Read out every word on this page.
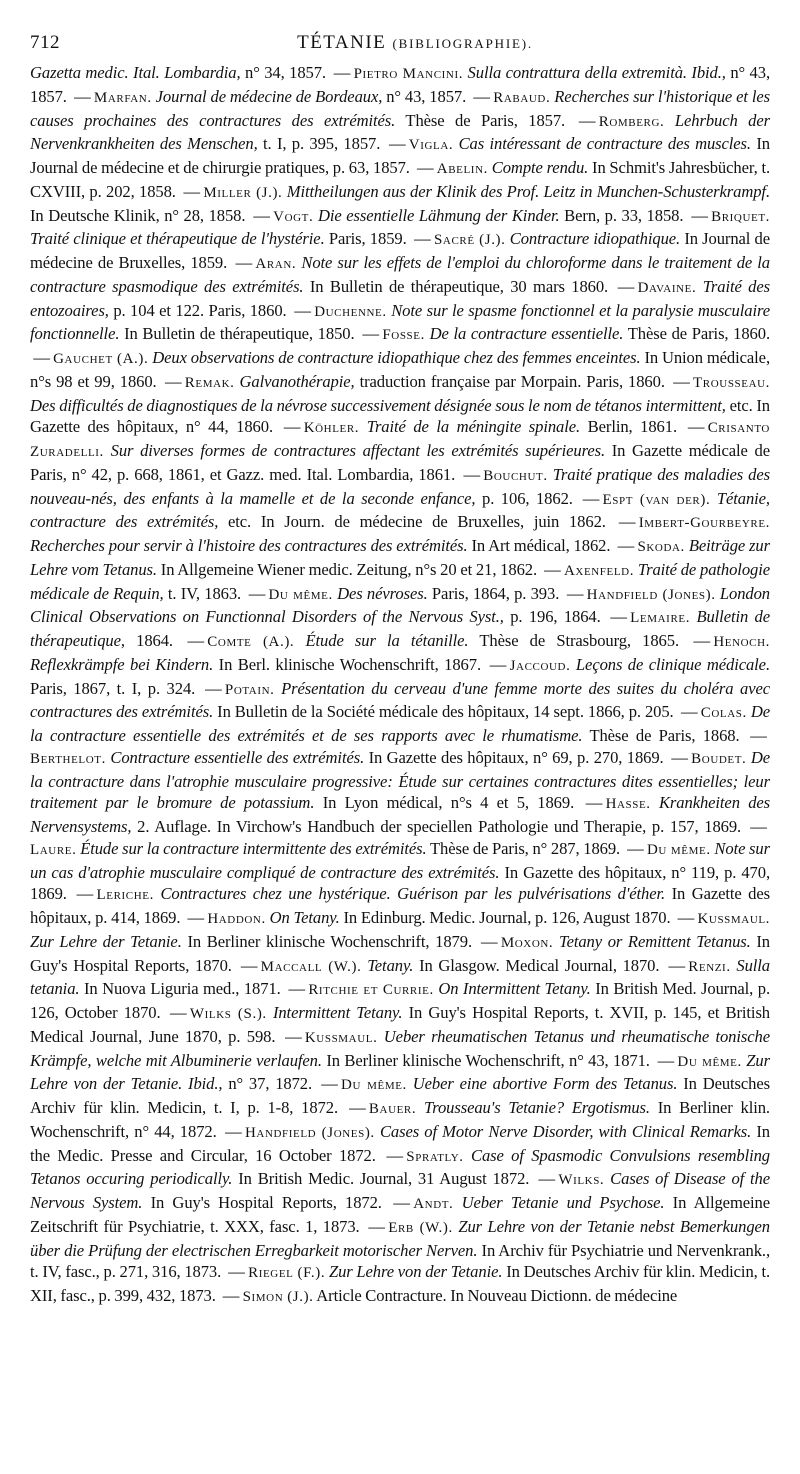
712	TÉTANIE (BIBLIOGRAPHIE).
Gazetta medic. Ital. Lombardia, n° 34, 1857. — Pietro Mancini. Sulla contrattura della extremità. Ibid., n° 43, 1857. — Marfan. Journal de médecine de Bordeaux, n° 43, 1857. — Rabaud. Recherches sur l'historique et les causes prochaines des contractures des extrémités. Thèse de Paris, 1857. — Romberg. Lehrbuch der Nervenkrankheiten des Menschen, t. I, p. 395, 1857. — Vigla. Cas intéressant de contracture des muscles. In Journal de médecine et de chirurgie pratiques, p. 63, 1857. — Abelin. Compte rendu. In Schmit's Jahresbücher, t. CXVIII, p. 202, 1858. — Miller (J.). Mittheilungen aus der Klinik des Prof. Leitz in Munchen-Schusterkrampf. In Deutsche Klinik, n° 28, 1858. — Vogt. Die essentielle Lähmung der Kinder. Bern, p. 33, 1858. — Briquet. Traité clinique et thérapeutique de l'hystérie. Paris, 1859. — Sacré (J.). Contracture idiopathique. In Journal de médecine de Bruxelles, 1859. — Aran. Note sur les effets de l'emploi du chloroforme dans le traitement de la contracture spasmodique des extrémités. In Bulletin de thérapeutique, 30 mars 1860. — Davaine. Traité des entozoaires, p. 104 et 122. Paris, 1860. — Duchenne. Note sur le spasme fonctionnel et la paralysie musculaire fonctionnelle. In Bulletin de thérapeutique, 1850. — Fosse. De la contracture essentielle. Thèse de Paris, 1860. — Gauchet (A.). Deux observations de contracture idiopathique chez des femmes enceintes. In Union médicale, n°s 98 et 99, 1860. — Remak. Galvanothérapie, traduction française par Morpain. Paris, 1860. — Trousseau. Des difficultés de diagnostiques de la névrose successivement désignée sous le nom de tétanos intermittent, etc. In Gazette des hôpitaux, n° 44, 1860. — Köhler. Traité de la méningite spinale. Berlin, 1861. — Crisanto Zuradelli. Sur diverses formes de contractures affectant les extrémités supérieures. In Gazette médicale de Paris, n° 42, p. 668, 1861, et Gazz. med. Ital. Lombardia, 1861. — Bouchut. Traité pratique des maladies des nouveau-nés, des enfants à la mamelle et de la seconde enfance, p. 106, 1862. — Espt (van der). Tétanie, contracture des extrémités, etc. In Journ. de médecine de Bruxelles, juin 1862. — Imbert-Gourbeyre. Recherches pour servir à l'histoire des contractures des extrémités. In Art médical, 1862. — Skoda. Beiträge zur Lehre vom Tetanus. In Allgemeine Wiener medic. Zeitung, n°s 20 et 21, 1862. — Axenfeld. Traité de pathologie médicale de Requin, t. IV, 1863. — Du même. Des névroses. Paris, 1864, p. 393. — Handfield (Jones). London Clinical Observations on Functionnal Disorders of the Nervous Syst., p. 196, 1864. — Lemaire. Bulletin de thérapeutique, 1864. — Comte (A.). Étude sur la tétanille. Thèse de Strasbourg, 1865. — Henoch. Reflexkrämpfe bei Kindern. In Berl. klinische Wochenschrift, 1867. — Jaccoud. Leçons de clinique médicale. Paris, 1867, t. I, p. 324. — Potain. Présentation du cerveau d'une femme morte des suites du choléra avec contractures des extrémités. In Bulletin de la Société médicale des hôpitaux, 14 sept. 1866, p. 205. — Colas. De la contracture essentielle des extrémités et de ses rapports avec le rhumatisme. Thèse de Paris, 1868. —Berthelot. Contracture essentielle des extrémités. In Gazette des hôpitaux, n° 69, p. 270, 1869. — Boudet. De la contracture dans l'atrophie musculaire progressive: Étude sur certaines contractures dites essentielles; leur traitement par le bromure de potassium. In Lyon médical, n°s 4 et 5, 1869. — Hasse. Krankheiten des Nervensystems, 2. Auflage. In Virchow's Handbuch der speciellen Pathologie und Therapie, p. 157, 1869. —Laure. Étude sur la contracture intermittente des extrémités. Thèse de Paris, n° 287, 1869. — Du même. Note sur un cas d'atrophie musculaire compliqué de contracture des extrémités. In Gazette des hôpitaux, n° 119, p. 470, 1869. — Leriche. Contractures chez une hystérique. Guérison par les pulvérisations d'éther. In Gazette des hôpitaux, p. 414, 1869. — Haddon. On Tetany. In Edinburg. Medic. Journal, p. 126, August 1870. — Kussmaul. Zur Lehre der Tetanie. In Berliner klinische Wochenschrift, 1879. — Moxon. Tetany or Remittent Tetanus. In Guy's Hospital Reports, 1870. — Maccall (W.). Tetany. In Glasgow. Medical Journal, 1870. — Renzi. Sulla tetania. In Nuova Liguria med., 1871. — Ritchie et Currie. On Intermittent Tetany. In British Med. Journal, p. 126, October 1870. — Wilks (S.). Intermittent Tetany. In Guy's Hospital Reports, t. XVII, p. 145, et British Medical Journal, June 1870, p. 598. — Kussmaul. Ueber rheumatischen Tetanus und rheumatische tonische Krämpfe, welche mit Albuminerie verlaufen. In Berliner klinische Wochenschrift, n° 43, 1871. — Du même. Zur Lehre von der Tetanie. Ibid., n° 37, 1872. — Du même. Ueber eine abortive Form des Tetanus. In Deutsches Archiv für klin. Medicin, t. I, p. 1-8, 1872. — Bauer. Trousseau's Tetanie? Ergotismus. In Berliner klin. Wochenschrift, n° 44, 1872. — Handfield (Jones). Cases of Motor Nerve Disorder, with Clinical Remarks. In the Medic. Presse and Circular, 16 October 1872. — Spratly. Case of Spasmodic Convulsions resembling Tetanos occuring periodically. In British Medic. Journal, 31 August 1872. — Wilks. Cases of Disease of the Nervous System. In Guy's Hospital Reports, 1872. — Andt. Ueber Tetanie und Psychose. In Allgemeine Zeitschrift für Psychiatrie, t. XXX, fasc. 1, 1873. — Erb (W.). Zur Lehre von der Tetanie nebst Bemerkungen über die Prüfung der electrischen Erregbarkeit motorischer Nerven. In Archiv für Psychiatrie und Nervenkrank., t. IV, fasc., p. 271, 316, 1873. — Riegel (F.). Zur Lehre von der Tetanie. In Deutsches Archiv für klin. Medicin, t. XII, fasc., p. 399, 432, 1873. — Simon (J.). Article Contracture. In Nouveau Dictionn. de médecine
